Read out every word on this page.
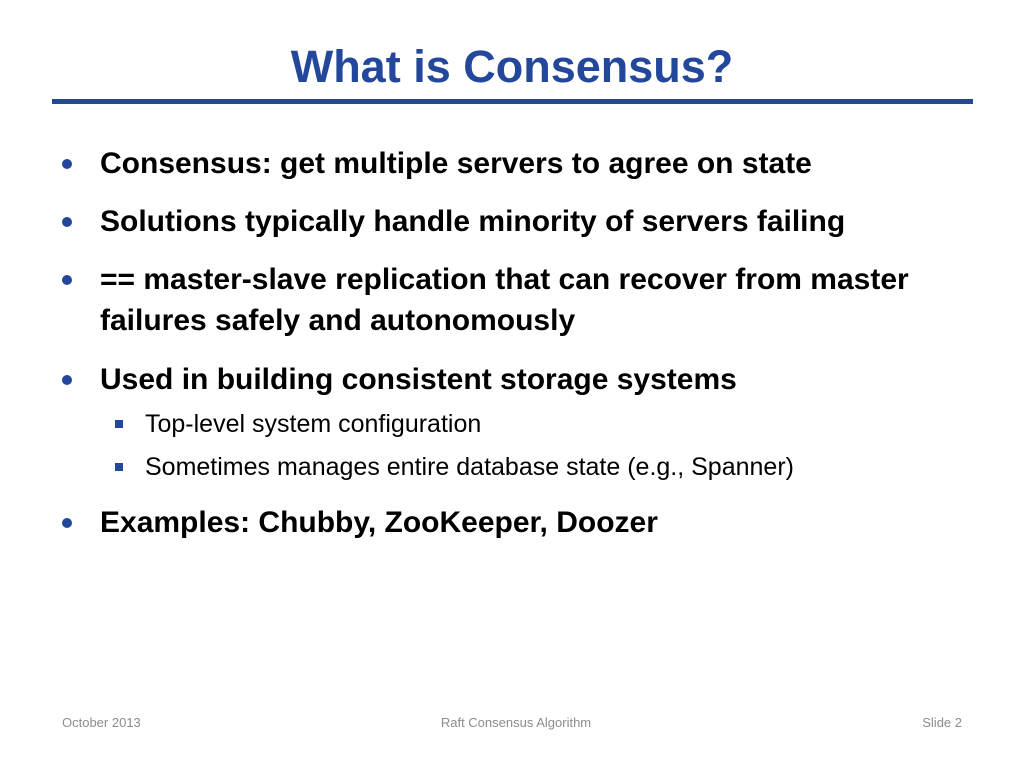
What is Consensus?
Consensus: get multiple servers to agree on state
Solutions typically handle minority of servers failing
== master-slave replication that can recover from master failures safely and autonomously
Used in building consistent storage systems
Top-level system configuration
Sometimes manages entire database state (e.g., Spanner)
Examples: Chubby, ZooKeeper, Doozer
October 2013	Raft Consensus Algorithm	Slide 2
